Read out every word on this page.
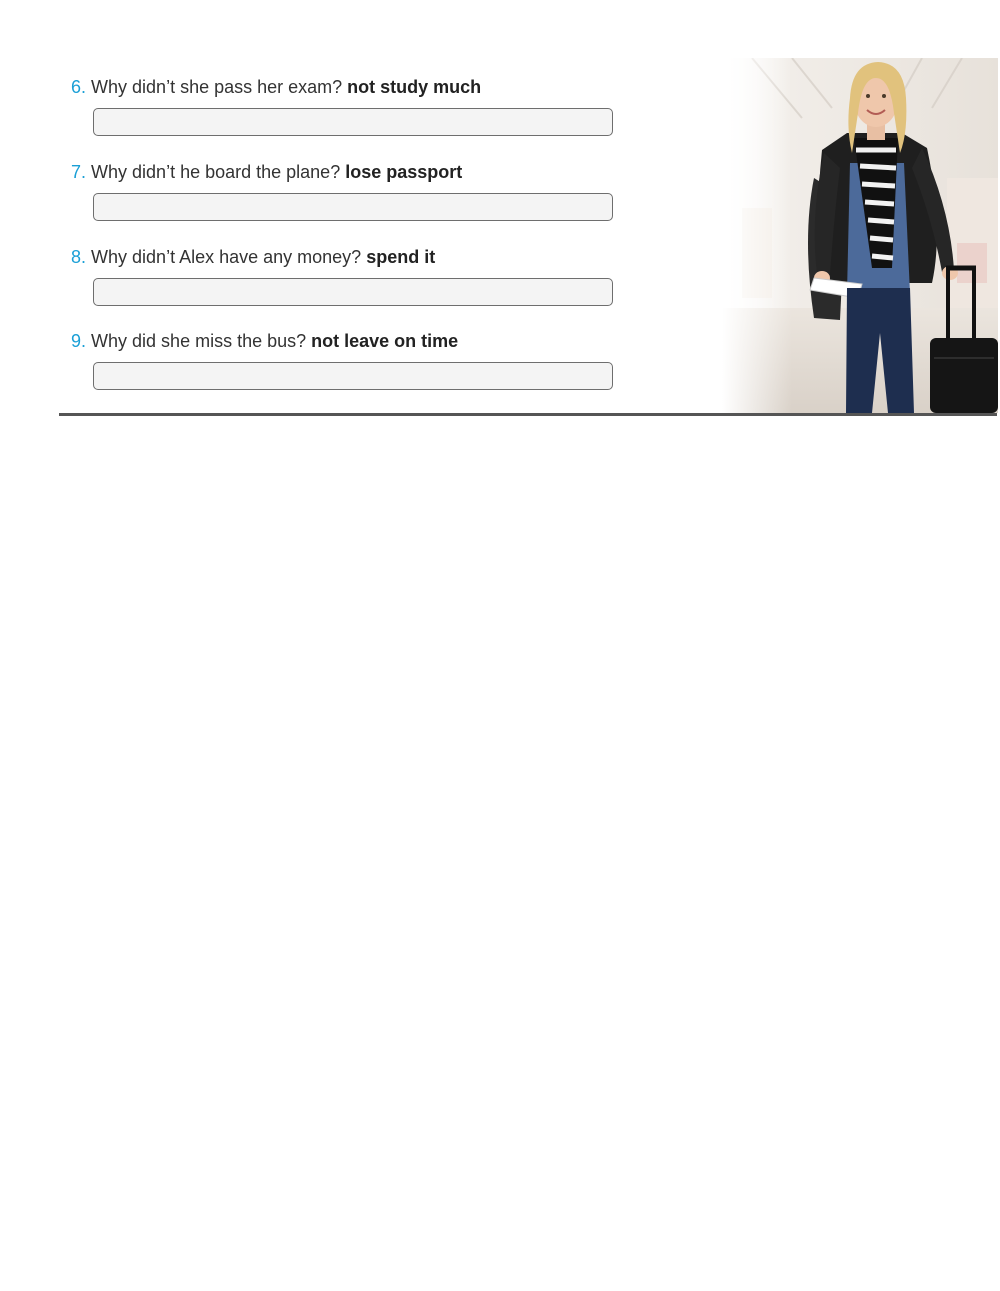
6. Why didn’t she pass her exam? not study much
7. Why didn’t he board the plane? lose passport
8. Why didn’t Alex have any money? spend it
9. Why did she miss the bus? not leave on time
